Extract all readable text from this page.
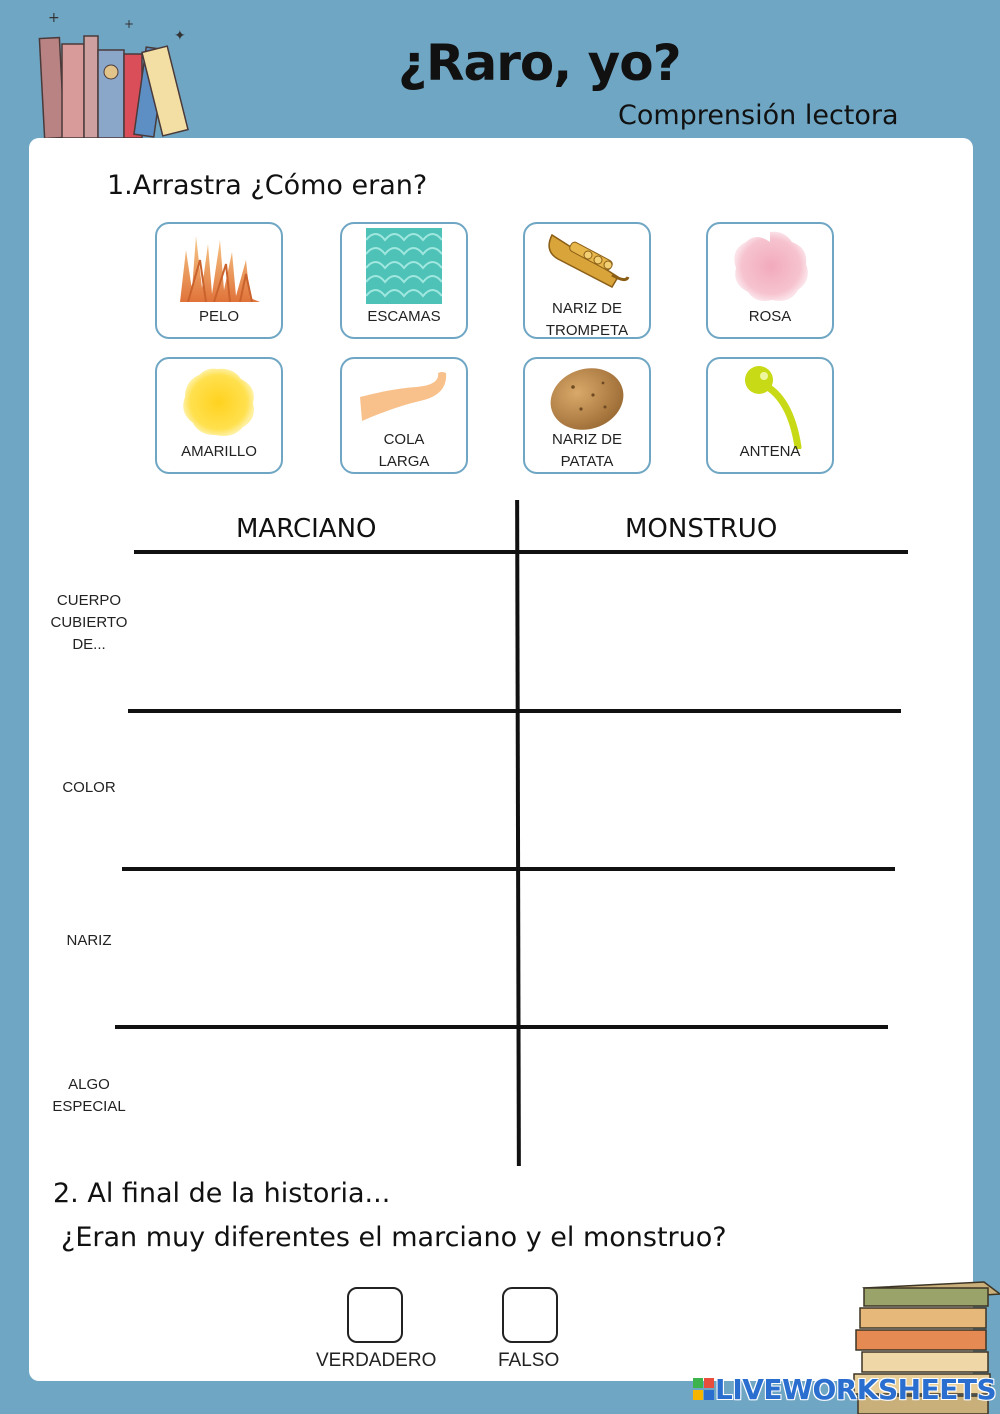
+	+
✦	¿Raro, yo?
Comprensión lectora
1.Arrastra ¿Cómo eran?
PELO	ESCAMAS	NARIZ DE
TROMPETA
ROSA
AMARILLO
COLA
LARGA
NARIZ DE
PATATA
ANTENA
MARCIANO	MONSTRUO
CUERPO
CUBIERTO
DE...
COLOR
NARIZ
ALGO
ESPECIAL
2. Al final de la historia...
¿Eran muy diferentes el marciano y el monstruo?
VERDADERO	FALSO
LIVEWORKSHEETS
